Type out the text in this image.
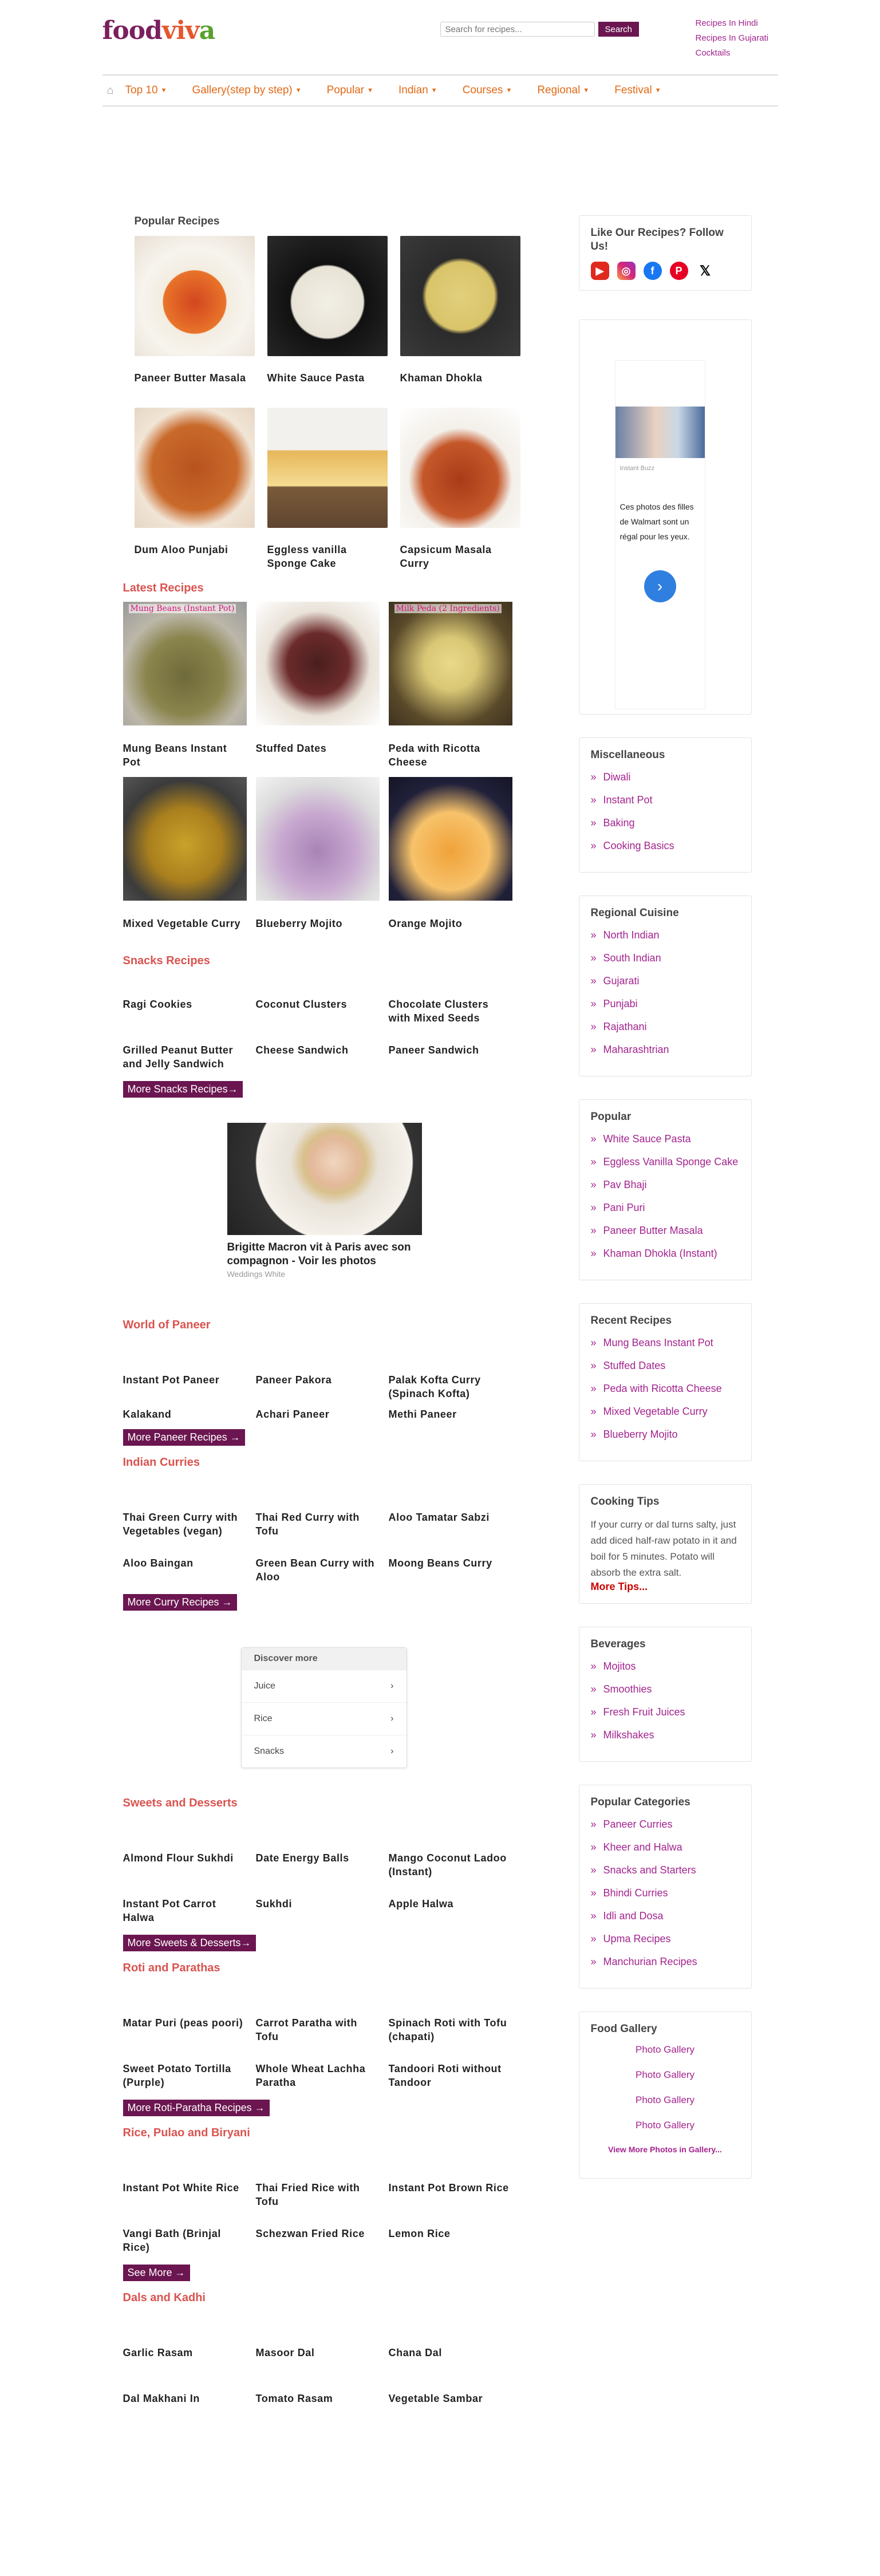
foodviva
Search for recipes...	Search
Recipes In Hindi
Recipes In Gujarati
Cocktails
⌂	Top 10 ▼ Gallery(step by step) ▼ Popular ▼ Indian ▼ Courses ▼ Regional ▼ Festival ▼
Popular Recipes
Paneer Butter Masala	White Sauce Pasta	Khaman Dhokla
Dum Aloo Punjabi	Eggless vanilla Sponge Cake
Capsicum Masala Curry
Latest Recipes
Mung Beans (Instant Pot)
Mung Beans Instant Pot
Stuffed Dates
Milk Peda (2 Ingredients)
Peda with Ricotta Cheese
Mixed Vegetable Curry	Blueberry Mojito	Orange Mojito
Snacks Recipes
Ragi Cookies	Coconut Clusters	Chocolate Clusters with Mixed Seeds
Grilled Peanut Butter and Jelly Sandwich
Cheese Sandwich	Paneer Sandwich
More Snacks Recipes→
Brigitte Macron vit à Paris avec son compagnon - Voir les photos
Weddings White
World of Paneer
Instant Pot Paneer	Paneer Pakora	Palak Kofta Curry (Spinach Kofta)
Kalakand	Achari Paneer	Methi Paneer
More Paneer Recipes →
Indian Curries
Thai Green Curry with Vegetables (vegan)
Thai Red Curry with Tofu
Aloo Tamatar Sabzi
Aloo Baingan	Green Bean Curry with Aloo
Moong Beans Curry
More Curry Recipes →
Discover more
Juice	›
Rice	›
Snacks	›
Sweets and Desserts
Almond Flour Sukhdi	Date Energy Balls	Mango Coconut Ladoo (Instant)
Instant Pot Carrot Halwa
Sukhdi	Apple Halwa
More Sweets & Desserts→
Roti and Parathas
Matar Puri (peas poori)	Carrot Paratha with Tofu
Spinach Roti with Tofu (chapati)
Sweet Potato Tortilla (Purple)
Whole Wheat Lachha Paratha
Tandoori Roti without Tandoor
More Roti-Paratha Recipes →
Rice, Pulao and Biryani
Instant Pot White Rice	Thai Fried Rice with Tofu
Instant Pot Brown Rice
Vangi Bath (Brinjal Rice)
Schezwan Fried Rice	Lemon Rice
See More →
Dals and Kadhi
Garlic Rasam	Masoor Dal	Chana Dal
Dal Makhani In	Tomato Rasam	Vegetable Sambar
Like Our Recipes? Follow Us!
▶	◎	f	P	𝕏
Instant Buzz
Ces photos des filles de Walmart sont un régal pour les yeux.
›
Miscellaneous
» Diwali
» Instant Pot
» Baking
» Cooking Basics
Regional Cuisine
» North Indian
» South Indian
» Gujarati
» Punjabi
» Rajathani
» Maharashtrian
Popular
» White Sauce Pasta
» Eggless Vanilla Sponge Cake
» Pav Bhaji
» Pani Puri
» Paneer Butter Masala
» Khaman Dhokla (Instant)
Recent Recipes
» Mung Beans Instant Pot
» Stuffed Dates
» Peda with Ricotta Cheese
» Mixed Vegetable Curry
» Blueberry Mojito
Cooking Tips

If your curry or dal turns salty, just add diced half-raw potato in it and boil for 5 minutes. Potato will absorb the extra salt.

More Tips...
Beverages
» Mojitos
» Smoothies
» Fresh Fruit Juices
» Milkshakes
Popular Categories
» Paneer Curries
» Kheer and Halwa
» Snacks and Starters
» Bhindi Curries
» Idli and Dosa
» Upma Recipes
» Manchurian Recipes
Food Gallery
Photo Gallery
Photo Gallery
Photo Gallery
Photo Gallery
View More Photos in Gallery...
